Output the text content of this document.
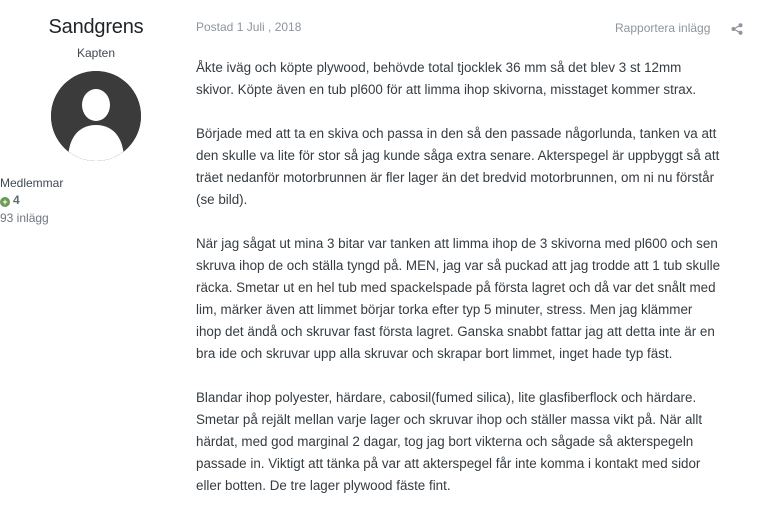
Sandgrens
Kapten
Medlemmar
+ 4
93 inlägg
Postad 1 Juli , 2018	Rapportera inlägg

Åkte iväg och köpte plywood, behövde total tjocklek 36 mm så det blev 3 st 12mm
skivor. Köpte även en tub pl600 för att limma ihop skivorna, misstaget kommer strax.

Började med att ta en skiva och passa in den så den passade någorlunda, tanken va att
den skulle va lite för stor så jag kunde såga extra senare. Akterspegel är uppbyggt så att
träet nedanför motorbrunnen är fler lager än det bredvid motorbrunnen, om ni nu förstår
(se bild).

När jag sågat ut mina 3 bitar var tanken att limma ihop de 3 skivorna med pl600 och sen
skruva ihop de och ställa tyngd på. MEN, jag var så puckad att jag trodde att 1 tub skulle
räcka. Smetar ut en hel tub med spackelspade på första lagret och då var det snålt med
lim, märker även att limmet börjar torka efter typ 5 minuter, stress. Men jag klämmer
ihop det ändå och skruvar fast första lagret. Ganska snabbt fattar jag att detta inte är en
bra ide och skruvar upp alla skruvar och skrapar bort limmet, inget hade typ fäst.

Blandar ihop polyester, härdare, cabosil(fumed silica), lite glasfiberflock och härdare.
Smetar på rejält mellan varje lager och skruvar ihop och ställer massa vikt på. När allt
härdat, med god marginal 2 dagar, tog jag bort vikterna och sågade så akterspegeln
passade in. Viktigt att tänka på var att akterspegel får inte komma i kontakt med sidor
eller botten. De tre lager plywood fäste fint.
